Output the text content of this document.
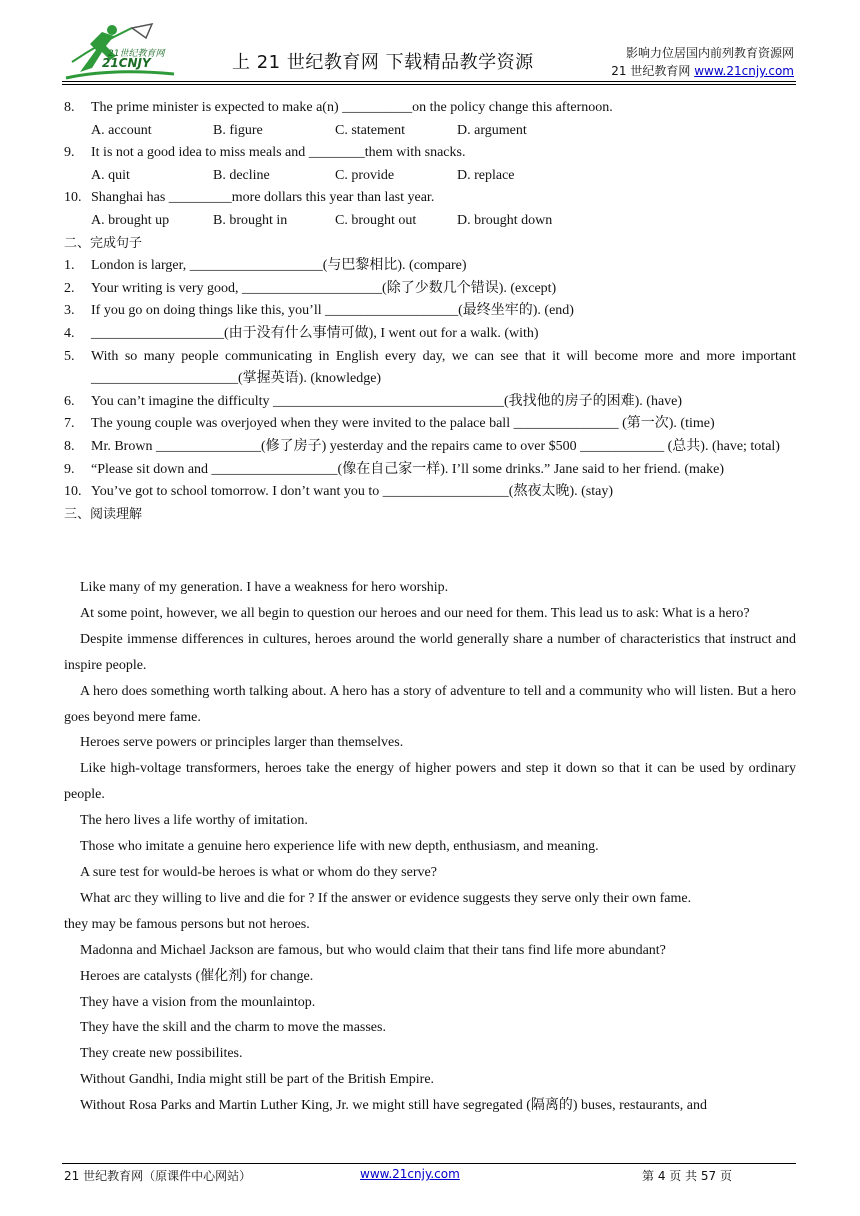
21世纪教育网
21CNJY	上 21 世纪教育网 下载精品教学资源	影响力位居国内前列教育资源网
21 世纪教育网 www.21cnjy.com
8. The prime minister is expected to make a(n) __________on the policy change this afternoon.
A. account	B. figure	C. statement	D. argument
9. It is not a good idea to miss meals and ________them with snacks.
A. quit	B. decline	C. provide	D. replace
10. Shanghai has _________more dollars this year than last year.
A. brought up	B. brought in	C. brought out	D. brought down
二、完成句子
1. London is larger, ___________________(与巴黎相比). (compare)
2. Your writing is very good, ____________________(除了少数几个错误). (except)
3. If you go on doing things like this, you’ll ___________________(最终坐牢的). (end)
4. ___________________(由于没有什么事情可做), I went out for a walk. (with)
5. With so many people communicating in English every day, we can see that it will become more and more important _____________________(掌握英语). (knowledge)
6. You can’t imagine the difficulty _________________________________(我找他的房子的困难). (have)
7. The young couple was overjoyed when they were invited to the palace ball _______________ (第一次). (time)
8. Mr. Brown _______________(修了房子) yesterday and the repairs came to over $500 ____________ (总共). (have; total)
9. “Please sit down and __________________(像在自己家一样). I’ll some drinks.” Jane said to her friend. (make)
10. You’ve got to school tomorrow. I don’t want you to __________________(熬夜太晚). (stay)
三、阅读理解

Like many of my generation. I have a weakness for hero worship.

At some point, however, we all begin to question our heroes and our need for them. This lead us to ask: What is a hero?

Despite immense differences in cultures, heroes around the world generally share a number of characteristics that instruct and inspire people.

A hero does something worth talking about. A hero has a story of adventure to tell and a community who will listen. But a hero goes beyond mere fame.

Heroes serve powers or principles larger than themselves.

Like high-voltage transformers, heroes take the energy of higher powers and step it down so that it can be used by ordinary people.

The hero lives a life worthy of imitation.

Those who imitate a genuine hero experience life with new depth, enthusiasm, and meaning.

A sure test for would-be heroes is what or whom do they serve?

What arc they willing to live and die for ? If the answer or evidence suggests they serve only their own fame.

they may be famous persons but not heroes.

Madonna and Michael Jackson are famous, but who would claim that their tans find life more abundant?

Heroes are catalysts (催化剂) for change.

They have a vision from the mounlaintop.

They have the skill and the charm to move the masses.

They create new possibilites.

Without Gandhi, India might still be part of the British Empire.

Without Rosa Parks and Martin Luther King, Jr. we might still have segregated (隔离的) buses, restaurants, and

21 世纪教育网（原课件中心网站）	www.21cnjy.com	第 4 页 共 57 页
